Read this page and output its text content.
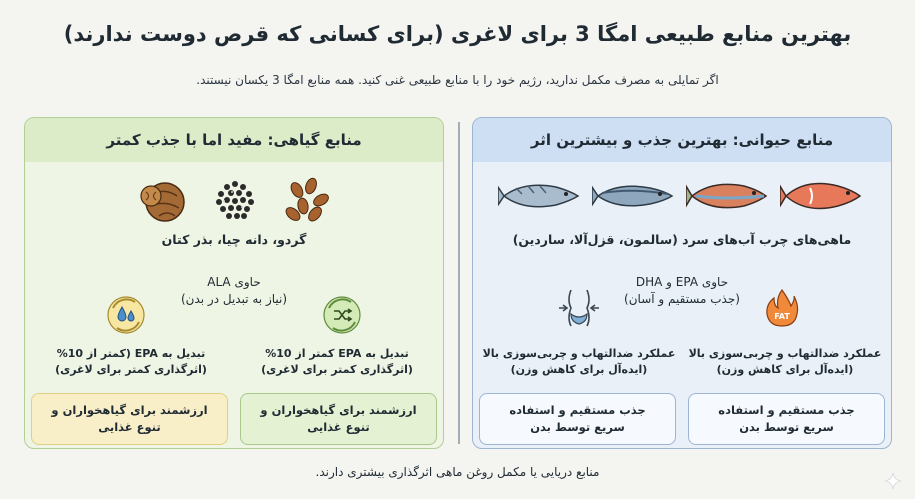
بهترین منابع طبیعی امگا 3 برای لاغری (برای کسانی که قرص دوست ندارند)
اگر تمایلی به مصرف مکمل ندارید، رژیم خود را با منابع طبیعی غنی کنید. همه منابع امگا 3 یکسان نیستند.
منابع حیوانی: بهترین جذب و بیشترین اثر
ماهی‌های چرب آب‌های سرد (سالمون، قزل‌آلا، ساردین)
حاوی EPA و DHA
(جذب مستقیم و آسان)
FAT
عملکرد ضدالتهاب و چربی‌سوزی بالا
(ایده‌آل برای کاهش وزن)
عملکرد ضدالتهاب و چربی‌سوزی بالا
(ایده‌آل برای کاهش وزن)
جذب مستقیم و استفاده سریع توسط بدن
جذب مستقیم و استفاده
سریع توسط بدن
منابع گیاهی: مفید اما با جذب کمتر
گردو، دانه چیا، بذر کتان
حاوی ALA
(نیاز به تبدیل در بدن)
تبدیل به EPA کمتر از 10%
(اثرگذاری کمتر برای لاغری)
تبدیل به EPA (کمتر از 10%
(اثرگذاری کمتر برای لاغری)
ارزشمند برای گیاهخواران و
تنوع غذایی
ارزشمند برای گیاهخواران و
تنوع غذایی
منابع دریایی یا مکمل روغن ماهی اثرگذاری بیشتری دارند.
